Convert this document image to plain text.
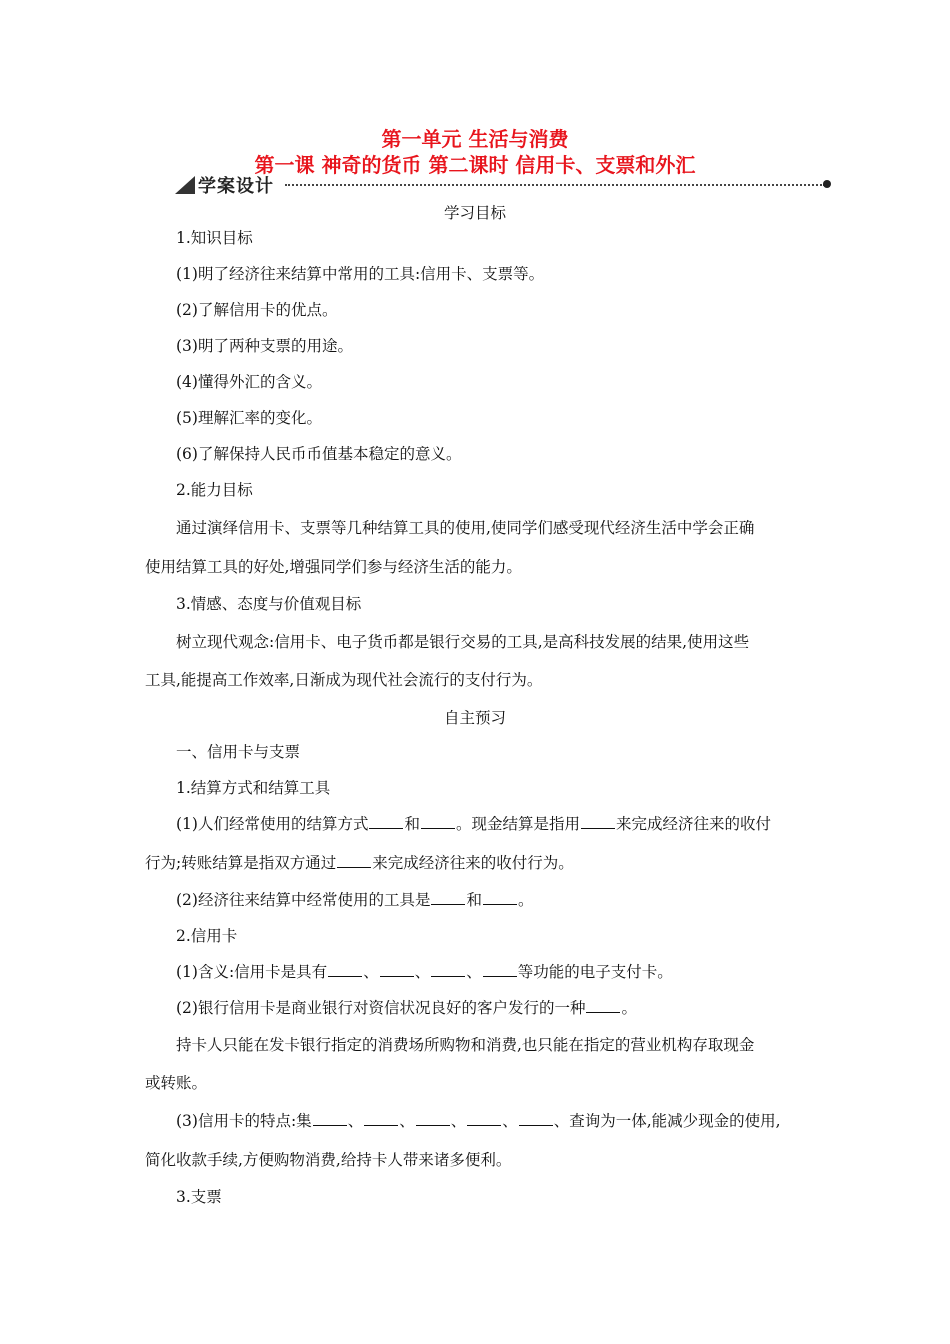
第一单元 生活与消费
第一课 神奇的货币 第二课时 信用卡、支票和外汇
学案设计
学习目标
1.知识目标
(1)明了经济往来结算中常用的工具:信用卡、支票等。
(2)了解信用卡的优点。
(3)明了两种支票的用途。
(4)懂得外汇的含义。
(5)理解汇率的变化。
(6)了解保持人民币币值基本稳定的意义。
2.能力目标
通过演绎信用卡、支票等几种结算工具的使用,使同学们感受现代经济生活中学会正确
使用结算工具的好处,增强同学们参与经济生活的能力。
3.情感、态度与价值观目标
树立现代观念:信用卡、电子货币都是银行交易的工具,是高科技发展的结果,使用这些
工具,能提高工作效率,日渐成为现代社会流行的支付行为。
自主预习
一、信用卡与支票
1.结算方式和结算工具
(1)人们经常使用的结算方式 和 。现金结算是指用 来完成经济往来的收付
行为;转账结算是指双方通过 来完成经济往来的收付行为。
(2)经济往来结算中经常使用的工具是 和 。
2.信用卡
(1)含义:信用卡是具有 、 、 、 等功能的电子支付卡。
(2)银行信用卡是商业银行对资信状况良好的客户发行的一种 。
持卡人只能在发卡银行指定的消费场所购物和消费,也只能在指定的营业机构存取现金
或转账。
(3)信用卡的特点:集 、 、 、 、 、查询为一体,能减少现金的使用,
简化收款手续,方便购物消费,给持卡人带来诸多便利。
3.支票
